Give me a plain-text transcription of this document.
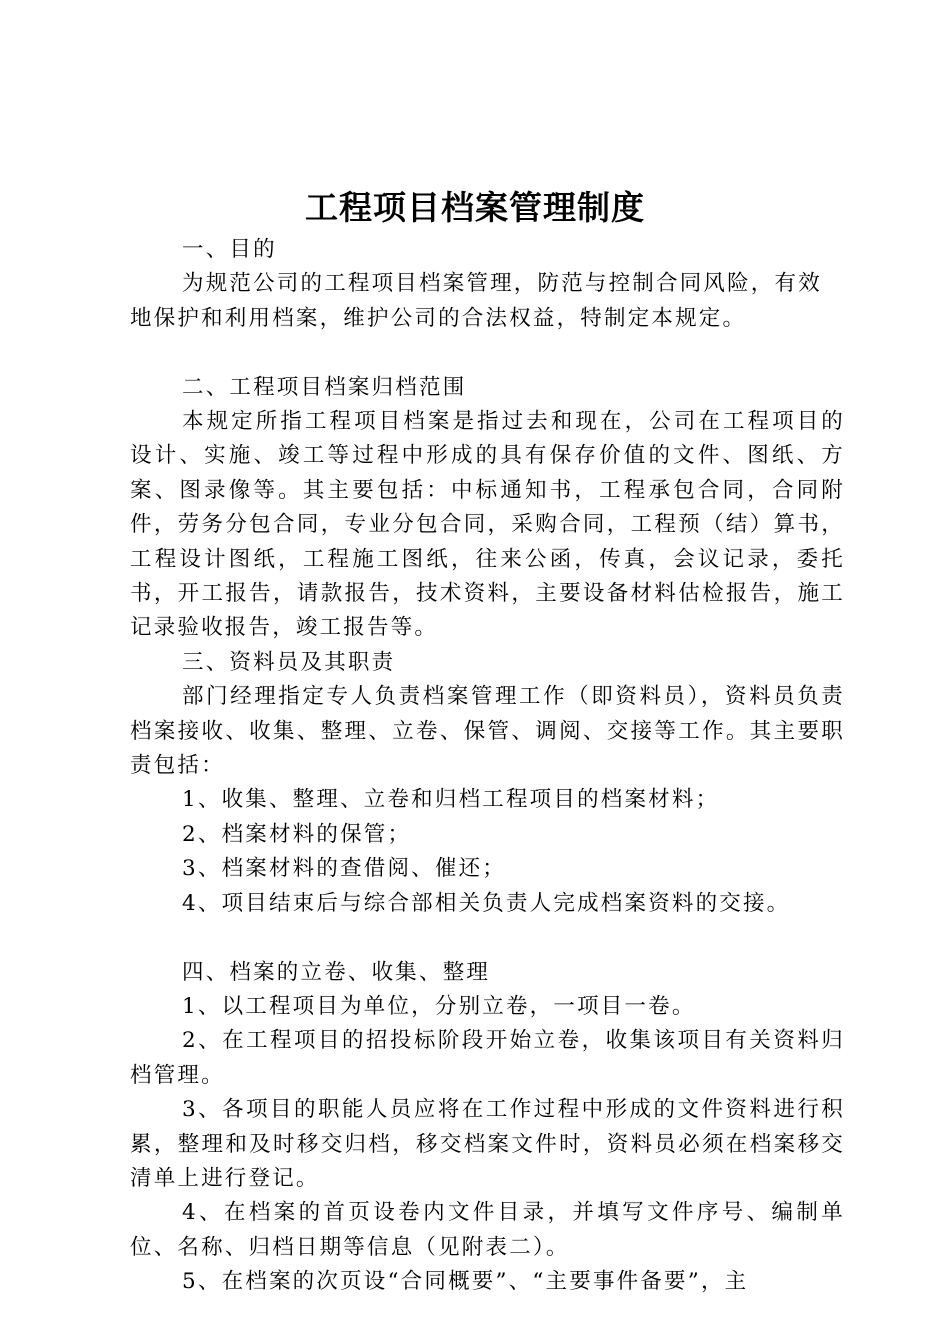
工程项目档案管理制度

一、目的

为规范公司的工程项目档案管理，防范与控制合同风险，有效地保护和利用档案，维护公司的合法权益，特制定本规定。

二、工程项目档案归档范围

本规定所指工程项目档案是指过去和现在，公司在工程项目的设计、实施、竣工等过程中形成的具有保存价值的文件、图纸、方案、图录像等。其主要包括：中标通知书，工程承包合同，合同附件，劳务分包合同，专业分包合同，采购合同，工程预（结）算书，工程设计图纸，工程施工图纸，往来公函，传真，会议记录，委托书，开工报告，请款报告，技术资料，主要设备材料估检报告，施工记录验收报告，竣工报告等。

三、资料员及其职责

部门经理指定专人负责档案管理工作（即资料员），资料员负责档案接收、收集、整理、立卷、保管、调阅、交接等工作。其主要职责包括：

1、收集、整理、立卷和归档工程项目的档案材料；

2、档案材料的保管；

3、档案材料的查借阅、催还；

4、项目结束后与综合部相关负责人完成档案资料的交接。

四、档案的立卷、收集、整理

1、以工程项目为单位，分别立卷，一项目一卷。

2、在工程项目的招投标阶段开始立卷，收集该项目有关资料归档管理。

3、各项目的职能人员应将在工作过程中形成的文件资料进行积累，整理和及时移交归档，移交档案文件时，资料员必须在档案移交清单上进行登记。

4、在档案的首页设卷内文件目录，并填写文件序号、编制单位、名称、归档日期等信息（见附表二）。

5、在档案的次页设“合同概要”、“主要事件备要”，主
